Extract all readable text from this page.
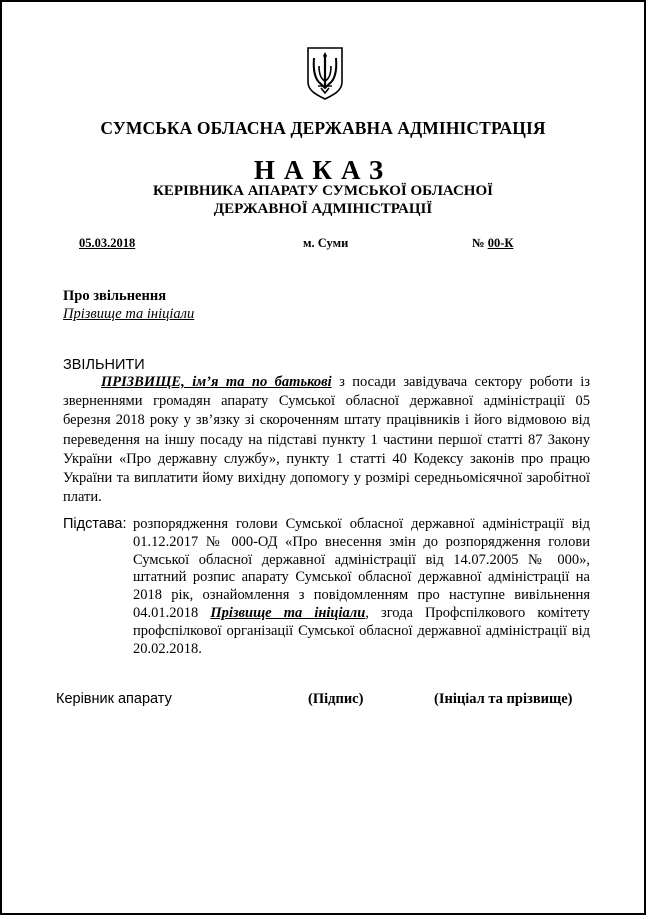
СУМСЬКА ОБЛАСНА ДЕРЖАВНА АДМІНІСТРАЦІЯ
НАКАЗ
КЕРІВНИКА АПАРАТУ СУМСЬКОЇ ОБЛАСНОЇ
ДЕРЖАВНОЇ АДМІНІСТРАЦІЇ
05.03.2018	м. Суми	№ 00-К
Про звільнення
Прізвище та ініціали
ЗВІЛЬНИТИ
ПРІЗВИЩЕ, ім’я та по батькові з посади завідувача сектору роботи із зверненнями громадян апарату Сумської обласної державної адміністрації 05 березня 2018 року у зв’язку зі скороченням штату працівників і його відмовою від переведення на іншу посаду на підставі пункту 1 частини першої статті 87 Закону України «Про державну службу», пункту 1 статті 40 Кодексу законів про працю України та виплатити йому вихідну допомогу у розмірі середньомісячної заробітної плати.
Підстава: розпорядження голови Сумської обласної державної адміністрації від 01.12.2017 № 000-ОД «Про внесення змін до розпорядження голови Сумської обласної державної адміністрації від 14.07.2005 № 000», штатний розпис апарату Сумської обласної державної адміністрації на 2018 рік, ознайомлення з повідомленням про наступне вивільнення 04.01.2018 Прізвище та ініціали, згода Профспілкового комітету профспілкової організації Сумської обласної державної адміністрації від 20.02.2018.
Керівник апарату	(Підпис)	(Ініціал та прізвище)
